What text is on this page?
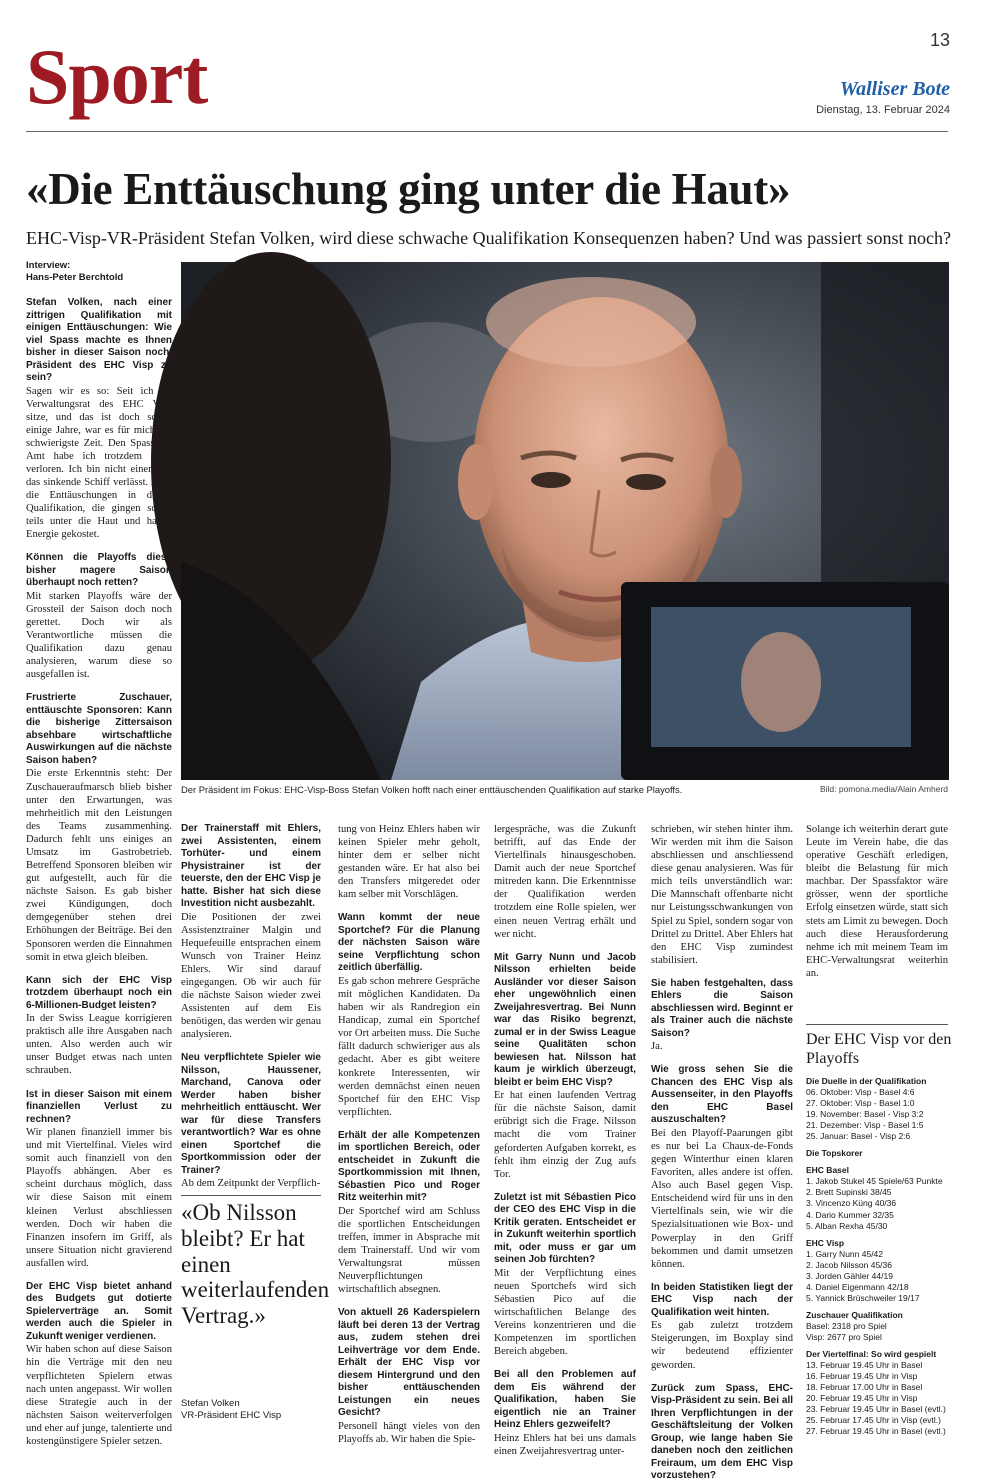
13
Sport	Walliser Bote
Dienstag, 13. Februar 2024
«Die Enttäuschung ging unter die Haut»
EHC-Visp-VR-Präsident Stefan Volken, wird diese schwache Qualifikation Konsequenzen haben? Und was passiert sonst noch?
Interview:
Hans-Peter Berchtold
Der Präsident im Fokus: EHC-Visp-Boss Stefan Volken hofft nach einer enttäuschenden Qualifikation auf starke Playoffs.	Bild: pomona.media/Alain Amherd

Stefan Volken, nach einer zittrigen Qualifikation mit einigen Enttäuschungen: Wie viel Spass machte es Ihnen bisher in dieser Saison noch, Präsident des EHC Visp zu sein?
Sagen wir es so: Seit ich im Verwaltungsrat des EHC Visp sitze, und das ist doch schon einige Jahre, war es für mich die schwierigste Zeit. Den Spass am Amt habe ich trotzdem nicht verloren. Ich bin nicht einer, der das sinkende Schiff verlässt. Aber die Enttäuschungen in dieser Qualifikation, die gingen schon teils unter die Haut und haben Energie gekostet.

Können die Playoffs diese bisher magere Saison überhaupt noch retten?
Mit starken Playoffs wäre der Grossteil der Saison doch noch gerettet. Doch wir als Verantwortliche müssen die Qualifikation dazu genau analysieren, warum diese so ausgefallen ist.

Frustrierte Zuschauer, enttäuschte Sponsoren: Kann die bisherige Zittersaison absehbare wirtschaftliche Auswirkungen auf die nächste Saison haben?
Die erste Erkenntnis steht: Der Zuschaueraufmarsch blieb bisher unter den Erwartungen, was mehrheitlich mit den Leistungen des Teams zusammenhing. Dadurch fehlt uns einiges an Umsatz im Gastrobetrieb. Betreffend Sponsoren bleiben wir gut aufgestellt, auch für die nächste Saison. Es gab bisher zwei Kündigungen, doch demgegenüber stehen drei Erhöhungen der Beiträge. Bei den Sponsoren werden die Einnahmen somit in etwa gleich bleiben.

Kann sich der EHC Visp trotzdem überhaupt noch ein 6-Millionen-Budget leisten?
In der Swiss League korrigieren praktisch alle ihre Ausgaben nach unten. Also werden auch wir unser Budget etwas nach unten schrauben.

Ist in dieser Saison mit einem finanziellen Verlust zu rechnen?
Wir planen finanziell immer bis und mit Viertelfinal. Vieles wird somit auch finanziell von den Playoffs abhängen. Aber es scheint durchaus möglich, dass wir diese Saison mit einem kleinen Verlust abschliessen werden. Doch wir haben die Finanzen insofern im Griff, als unsere Situation nicht gravierend ausfallen wird.

Der EHC Visp bietet anhand des Budgets gut dotierte Spielerverträge an. Somit werden auch die Spieler in Zukunft weniger verdienen.
Wir haben schon auf diese Saison hin die Verträge mit den neu verpflichteten Spielern etwas nach unten angepasst. Wir wollen diese Strategie auch in der nächsten Saison weiterverfolgen und eher auf junge, talentierte und kostengünstigere Spieler setzen.

Der Trainerstaff mit Ehlers, zwei Assistenten, einem Torhüter- und einem Physistrainer ist der teuerste, den der EHC Visp je hatte. Bisher hat sich diese Investition nicht ausbezahlt.
Die Positionen der zwei Assistenztrainer Malgin und Hequefeuille entsprachen einem Wunsch von Trainer Heinz Ehlers. Wir sind darauf eingegangen. Ob wir auch für die nächste Saison wieder zwei Assistenten auf dem Eis benötigen, das werden wir genau analysieren.

Neu verpflichtete Spieler wie Nilsson, Haussener, Marchand, Canova oder Werder haben bisher mehrheitlich enttäuscht. Wer war für diese Transfers verantwortlich? War es ohne einen Sportchef die Sportkommission oder der Trainer?
Ab dem Zeitpunkt der Verpflich-

tung von Heinz Ehlers haben wir keinen Spieler mehr geholt, hinter dem er selber nicht gestanden wäre. Er hat also bei den Transfers mitgeredet oder kam selber mit Vorschlägen.

Wann kommt der neue Sportchef? Für die Planung der nächsten Saison wäre seine Verpflichtung schon zeitlich überfällig.
Es gab schon mehrere Gespräche mit möglichen Kandidaten. Da haben wir als Randregion ein Handicap, zumal ein Sportchef vor Ort arbeiten muss. Die Suche fällt dadurch schwieriger aus als gedacht. Aber es gibt weitere konkrete Interessenten, wir werden demnächst einen neuen Sportchef für den EHC Visp verpflichten.

Erhält der alle Kompetenzen im sportlichen Bereich, oder entscheidet in Zukunft die Sportkommission mit Ihnen, Sébastien Pico und Roger Ritz weiterhin mit?
Der Sportchef wird am Schluss die sportlichen Entscheidungen treffen, immer in Absprache mit dem Trainerstaff. Und wir vom Verwaltungsrat müssen Neuverpflichtungen wirtschaftlich absegnen.

Von aktuell 26 Kaderspielern läuft bei deren 13 der Vertrag aus, zudem stehen drei Leihverträge vor dem Ende. Erhält der EHC Visp vor diesem Hintergrund und den bisher enttäuschenden Leistungen ein neues Gesicht?
Personell hängt vieles von den Playoffs ab. Wir haben die Spie-

lergespräche, was die Zukunft betrifft, auf das Ende der Viertelfinals hinausgeschoben. Damit auch der neue Sportchef mitreden kann. Die Erkenntnisse der Qualifikation werden trotzdem eine Rolle spielen, wer einen neuen Vertrag erhält und wer nicht.

Mit Garry Nunn und Jacob Nilsson erhielten beide Ausländer vor dieser Saison eher ungewöhnlich einen Zweijahresvertrag. Bei Nunn war das Risiko begrenzt, zumal er in der Swiss League seine Qualitäten schon bewiesen hat. Nilsson hat kaum je wirklich überzeugt, bleibt er beim EHC Visp?
Er hat einen laufenden Vertrag für die nächste Saison, damit erübrigt sich die Frage. Nilsson macht die vom Trainer geforderten Aufgaben korrekt, es fehlt ihm einzig der Zug aufs Tor.

Zuletzt ist mit Sébastien Pico der CEO des EHC Visp in die Kritik geraten. Entscheidet er in Zukunft weiterhin sportlich mit, oder muss er gar um seinen Job fürchten?
Mit der Verpflichtung eines neuen Sportchefs wird sich Sébastien Pico auf die wirtschaftlichen Belange des Vereins konzentrieren und die Kompetenzen im sportlichen Bereich abgeben.

Bei all den Problemen auf dem Eis während der Qualifikation, haben Sie eigentlich nie an Trainer Heinz Ehlers gezweifelt?
Heinz Ehlers hat bei uns damals einen Zweijahresvertrag unter-

schrieben, wir stehen hinter ihm. Wir werden mit ihm die Saison abschliessen und anschliessend diese genau analysieren. Was für mich teils unverständlich war: Die Mannschaft offenbarte nicht nur Leistungsschwankungen von Spiel zu Spiel, sondern sogar von Drittel zu Drittel. Aber Ehlers hat den EHC Visp zumindest stabilisiert.

Sie haben festgehalten, dass Ehlers die Saison abschliessen wird. Beginnt er als Trainer auch die nächste Saison?
Ja.

Wie gross sehen Sie die Chancen des EHC Visp als Aussenseiter, in den Playoffs den EHC Basel auszuschalten?
Bei den Playoff-Paarungen gibt es nur bei La Chaux-de-Fonds gegen Winterthur einen klaren Favoriten, alles andere ist offen. Also auch Basel gegen Visp. Entscheidend wird für uns in den Viertelfinals sein, wie wir die Spezialsituationen wie Box- und Powerplay in den Griff bekommen und damit umsetzen können.

In beiden Statistiken liegt der EHC Visp nach der Qualifikation weit hinten.
Es gab zuletzt trotzdem Steigerungen, im Boxplay sind wir bedeutend effizienter geworden.

Zurück zum Spass, EHC-Visp-Präsident zu sein. Bei all Ihren Verpflichtungen in der Geschäftsleitung der Volken Group, wie lange haben Sie daneben noch den zeitlichen Freiraum, um dem EHC Visp vorzustehen?

Solange ich weiterhin derart gute Leute im Verein habe, die das operative Geschäft erledigen, bleibt die Belastung für mich machbar. Der Spassfaktor wäre grösser, wenn der sportliche Erfolg einsetzen würde, statt sich stets am Limit zu bewegen. Doch auch diese Herausforderung nehme ich mit meinem Team im EHC-Verwaltungsrat weiterhin an.

«Ob Nilsson bleibt? Er hat einen weiterlaufenden Vertrag.»
Stefan Volken
VR-Präsident EHC Visp
Der EHC Visp vor den Playoffs
Die Duelle in der Qualifikation
06. Oktober: Visp - Basel 4:6
27. Oktober: Visp - Basel 1:0
19. November: Basel - Visp 3:2
21. Dezember: Visp - Basel 1:5
25. Januar: Basel - Visp 2:6
Die Topskorer
EHC Basel
1. Jakob Stukel 45 Spiele/63 Punkte
2. Brett Supinski 38/45
3. Vincenzo Küng 40/36
4. Dario Kummer 32/35
5. Alban Rexha 45/30
EHC Visp
1. Garry Nunn 45/42
2. Jacob Nilsson 45/36
3. Jorden Gähler 44/19
4. Daniel Eigenmann 42/18
5. Yannick Brüschweiler 19/17
Zuschauer Qualifikation
Basel: 2318 pro Spiel
Visp: 2677 pro Spiel
Der Viertelfinal: So wird gespielt
13. Februar 19.45 Uhr in Basel
16. Februar 19.45 Uhr in Visp
18. Februar 17.00 Uhr in Basel
20. Februar 19.45 Uhr in Visp
23. Februar 19.45 Uhr in Basel (evtl.)
25. Februar 17.45 Uhr in Visp (evtl.)
27. Februar 19.45 Uhr in Basel (evtl.)
